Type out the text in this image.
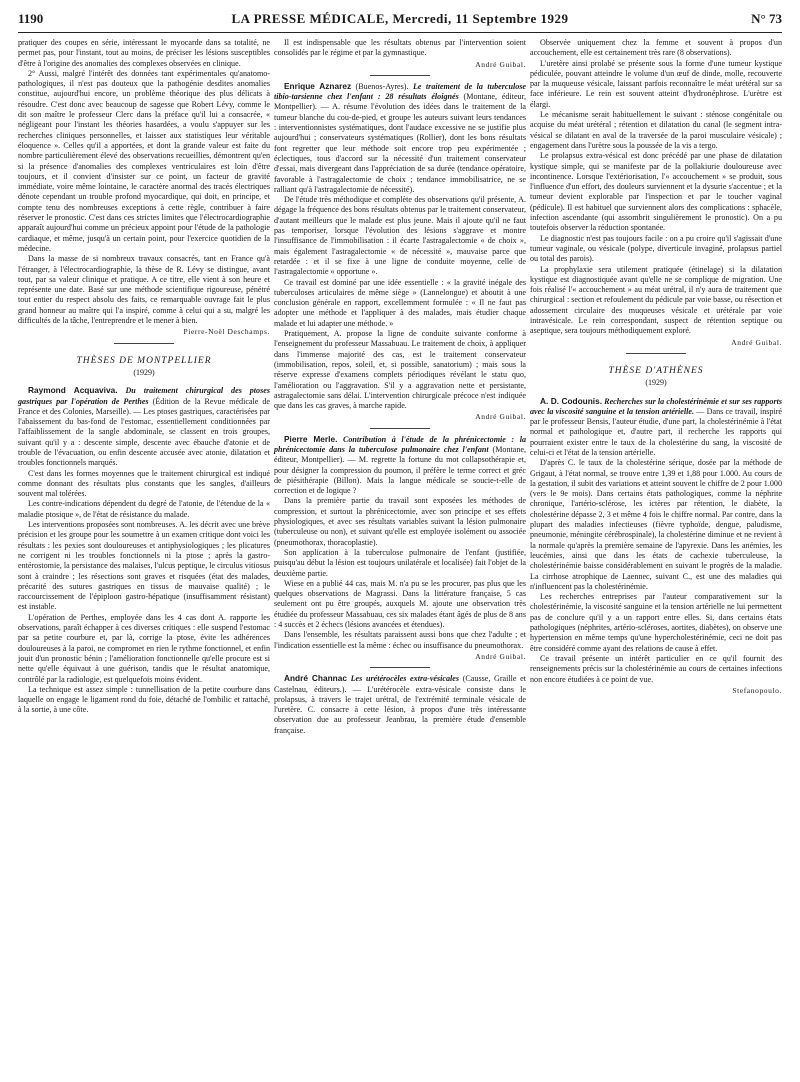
1190	LA PRESSE MÉDICALE, Mercredi, 11 Septembre 1929	N° 73

pratiquer des coupes en série, intéressant le myocarde dans sa totalité, ne permet pas, pour l'instant, tout au moins, de préciser les lésions susceptibles d'être à l'origine des anomalies des complexes observées en clinique.

2° Aussi, malgré l'intérêt des données tant expérimentales qu'anatomo-pathologiques, il n'est pas douteux que la pathogénie desdites anomalies constitue, aujourd'hui encore, un problème théorique des plus délicats à résoudre. C'est donc avec beaucoup de sagesse que Robert Lévy, comme le dit son maître le professeur Clerc dans la préface qu'il lui a consacrée, « négligeant pour l'instant les théories hasardées, a voulu s'appuyer sur les recherches cliniques personnelles, et laisser aux statistiques leur véritable éloquence ». Celles qu'il a apportées, et dont la grande valeur est faite du nombre particulièrement élevé des observations recueillies, démontrent qu'en si la présence d'anomalies des complexes ventriculaires est loin d'être toujours, et il convient d'insister sur ce point, un facteur de gravité immédiate, voire même lointaine, le caractère anormal des tracés électriques dénote cependant un trouble profond myocardique, qui doit, en principe, et compte tenu des nombreuses exceptions à cette règle, contribuer à faire réserver le pronostic. C'est dans ces strictes limites que l'électrocardiographie apparaît aujourd'hui comme un précieux appoint pour l'étude de la pathologie cardiaque, et même, jusqu'à un certain point, pour l'exercice quotidien de la médecine.

Dans la masse de si nombreux travaux consacrés, tant en France qu'à l'étranger, à l'électrocardiographie, la thèse de R. Lévy se distingue, avant tout, par sa valeur clinique et pratique. A ce titre, elle vient à son heure et représente une date. Basé sur une méthode scientifique rigoureuse, pénétré tout entier du respect absolu des faits, ce remarquable ouvrage fait le plus grand honneur au maître qui l'a inspiré, comme à celui qui a su, malgré les difficultés de la tâche, l'entreprendre et le mener à bien.

Pierre-Noël Deschamps.
THÈSES DE MONTPELLIER
(1929)

Raymond Acquaviva. Du traitement chirurgical des ptoses gastriques par l'opération de Perthes (Édition de la Revue médicale de France et des Colonies, Marseille). — Les ptoses gastriques, caractérisées par l'abaissement du bas-fond de l'estomac, essentiellement conditionnées par l'affaiblissement de la sangle abdominale, se classent en trois groupes, suivant qu'il y a : descente simple, descente avec ébauche d'atonie et de trouble de l'évacuation, ou enfin descente accusée avec atonie, dilatation et troubles fonctionnels marqués.

C'est dans les formes moyennes que le traitement chirurgical est indiqué comme donnant des résultats plus constants que les sangles, d'ailleurs souvent mal tolérées.

Les contre-indications dépendent du degré de l'atonie, de l'étendue de la « maladie ptosique », de l'état de résistance du malade.

Les interventions proposées sont nombreuses. A. les décrit avec une brève précision et les groupe pour les soumettre à un examen critique dont voici les résultats : les pexies sont douloureuses et antiphysiologiques ; les plicatures ne corrigent ni les troubles fonctionnels ni la ptose ; après la gastro-entérostomie, la persistance des malaises, l'ulcus peptique, le circulus vitiosus sont à craindre ; les résections sont graves et risquées (état des malades, précarité des sutures gastriques en tissus de mauvaise qualité) ; le raccourcissement de l'épiploon gastro-hépatique (insuffisamment résistant) est instable.

L'opération de Perthes, employée dans les 4 cas dont A. rapporte les observations, paraît échapper à ces diverses critiques : elle suspend l'estomac par sa petite courbure et, par là, corrige la ptose, évite les adhérences douloureuses à la paroi, ne compromet en rien le rythme fonctionnel, et enfin jouit d'un pronostic bénin ; l'amélioration fonctionnelle qu'elle procure est si nette qu'elle équivaut à une guérison, tandis que le résultat anatomique, contrôlé par la radiologie, est quelquefois moins évident.

La technique est assez simple : tunnellisation de la petite courbure dans laquelle on engage le ligament rond du foie, détaché de l'ombilic et rattaché, à la sortie, à une côte.

Il est indispensable que les résultats obtenus par l'intervention soient consolidés par le régime et par la gymnastique.

André Guibal.

Enrique Aznarez (Buenos-Ayres). Le traitement de la tuberculose tibio-tarsienne chez l'enfant : 28 résultats éloignés (Montane, éditeur, Montpellier). — A. résume l'évolution des idées dans le traitement de la tumeur blanche du cou-de-pied, et groupe les auteurs suivant leurs tendances : interventionnistes systématiques, dont l'audace excessive ne se justifie plus aujourd'hui ; conservateurs systématiques (Rollier), dont les bons résultats font regretter que leur méthode soit encore trop peu expérimentée ; éclectiques, tous d'accord sur la nécessité d'un traitement conservateur d'essai, mais divergeant dans l'appréciation de sa durée (tendance opératoire, favorable à l'astragalectomie de choix ; tendance immobilisatrice, ne se ralliant qu'à l'astragalectomie de nécessité).

De l'étude très méthodique et complète des observations qu'il présente, A. dégage la fréquence des bons résultats obtenus par le traitement conservateur, d'autant meilleurs que le malade est plus jeune. Mais il ajoute qu'il ne faut pas temporiser, lorsque l'évolution des lésions s'aggrave et montre l'insuffisance de l'immobilisation : il écarte l'astragalectomie « de choix », mais également l'astragalectomie « de nécessité », mauvaise parce que retardée : et il se fixe à une ligne de conduite moyenne, celle de l'astragalectomie « opportune ».

Ce travail est dominé par une idée essentielle : « la gravité inégale des tuberculoses articulaires de même siège » (Lannelongue) et aboutit à une conclusion générale en rapport, excellemment formulée : « Il ne faut pas adopter une méthode et l'appliquer à des malades, mais étudier chaque malade et lui adapter une méthode. »

Pratiquement, A. propose la ligne de conduite suivante conforme à l'enseignement du professeur Massabuau. Le traitement de choix, à appliquer dans l'immense majorité des cas, est le traitement conservateur (immobilisation, repos, soleil, et, si possible, sanatorium) ; mais sous la réserve expresse d'examens complets périodiques révélant le statu quo, l'amélioration ou l'aggravation. S'il y a aggravation nette et persistante, astragalectomie sans délai. L'intervention chirurgicale précoce n'est indiquée que dans les cas graves, à marche rapide.

André Guibal.

Pierre Merle. Contribution à l'étude de la phrénicectomie : la phrénicectomie dans la tuberculose pulmonaire chez l'enfant (Montane, éditeur, Montpellier). — M. regrette la fortune du mot collapsothérapie et, pour désigner la compression du poumon, il préfère le terme correct et gréc de piésithérapie (Billon). Mais la langue médicale se soucie-t-elle de correction et de logique ?

Dans la première partie du travail sont exposées les méthodes de compression, et surtout la phrénicectomie, avec son principe et ses effets physiologiques, et avec ses résultats variables suivant la lésion pulmonaire (tuberculeuse ou non), et suivant qu'elle est employée isolément ou associée (pneumothorax, thoracoplastie).

Son application à la tuberculose pulmonaire de l'enfant (justifiée, puisqu'au début la lésion est toujours unilatérale et localisée) fait l'objet de la deuxième partie.

Wiese en a publié 44 cas, mais M. n'a pu se les procurer, pas plus que les quelques observations de Magrassi. Dans la littérature française, 5 cas seulement ont pu être groupés, auxquels M. ajoute une observation très étudiée du professeur Massabuau, ces six malades étant âgés de plus de 8 ans : 4 succès et 2 échecs (lésions avancées et étendues).

Dans l'ensemble, les résultats paraissent aussi bons que chez l'adulte ; et l'indication essentielle est la même : échec ou insuffisance du pneumothorax.

André Guibal.

André Channac Les urétérocèles extra-vésicales (Causse, Graille et Castelnau, éditeurs.). — L'urétérocèle extra-vésicale consiste dans le prolapsus, à travers le trajet urétral, de l'extrémité terminale vésicale de l'uretère. C. consacre à cette lésion, à propos d'une très intéressante observation due au professeur Jeanbrau, la première étude d'ensemble française.

Observée uniquement chez la femme et souvent à propos d'un accouchement, elle est certainement très rare (8 observations).

L'uretère ainsi prolabé se présente sous la forme d'une tumeur kystique pédiculée, pouvant atteindre le volume d'un œuf de dinde, molle, recouverte par la muqueuse vésicale, laissant parfois reconnaître le méat urétéral sur sa face inférieure. Le rein est souvent atteint d'hydronéphrose. L'urètre est élargi.

Le mécanisme serait habituellement le suivant : sténose congénitale ou acquise du méat urétéral ; rétention et dilatation du canal (le segment intra-vésical se dilatant en aval de la traversée de la paroi musculaire vésicale) ; engagement dans l'urètre sous la poussée de la vis a tergo.

Le prolapsus extra-vésical est donc précédé par une phase de dilatation kystique simple, qui se manifeste par de la pollakiurie douloureuse avec incontinence. Lorsque l'extériorisation, l'« accouchement » se produit, sous l'influence d'un effort, des douleurs surviennent et la dysurie s'accentue ; et la tumeur devient explorable par l'inspection et par le toucher vaginal (pédicule). Il est habituel que surviennent alors des complications : sphacèle, infection ascendante (qui assombrit singulièrement le pronostic). On a pu toutefois observer la réduction spontanée.

Le diagnostic n'est pas toujours facile : on a pu croire qu'il s'agissait d'une tumeur vaginale, ou vésicale (polype, diverticule invaginé, prolapsus partiel ou total des parois).

La prophylaxie sera utilement pratiquée (étinelage) si la dilatation kystique est diagnostiquée avant qu'elle ne se complique de migration. Une fois réalisé l'« accouchement » au méat urétral, il n'y aura de traitement que chirurgical : section et refoulement du pédicule par voie basse, ou résection et adossement circulaire des muqueuses vésicale et urétérale par voie intravésicale. Le rein correspondant, suspect de rétention septique ou aseptique, sera toujours méthodiquement exploré.

André Guibal.
THÈSE D'ATHÈNES
(1929)

A. D. Codounis. Recherches sur la cholestérinémie et sur ses rapports avec la viscosité sanguine et la tension artérielle. — Dans ce travail, inspiré par le professeur Bensis, l'auteur étudie, d'une part, la cholestérinémie à l'état normal et pathologique et, d'autre part, il recherche les rapports qui pourraient exister entre le taux de la cholestérine du sang, la viscosité de celui-ci et l'état de la tension artérielle.

D'après C. le taux de la cholestérine sérique, dosée par la méthode de Grigaut, à l'état normal, se trouve entre 1,39 et 1,88 pour 1.000. Au cours de la gestation, il subit des variations et atteint souvent le chiffre de 2 pour 1.000 (vers le 9e mois). Dans certains états pathologiques, comme la néphrite chronique, l'artério-sclérose, les ictères par rétention, le diabète, la cholestérine dépasse 2, 3 et même 4 fois le chiffre normal. Par contre, dans la plupart des maladies infectieuses (fièvre typhoïde, dengue, paludisme, pneumonie, méningite cérébrospinale), la cholestérine diminue et ne revient à la normale qu'après la première semaine de l'apyrexie. Dans les anémies, les leucémies, ainsi que dans les états de cachexie tuberculeuse, la cholestérinémie baisse considérablement en suivant le progrès de la maladie. La cirrhose atrophique de Laennec, suivant C., est une des maladies qui n'influencent pas la cholestérinémie.

Les recherches entreprises par l'auteur comparativement sur la cholestérinémie, la viscosité sanguine et la tension artérielle ne lui permettent pas de conclure qu'il y a un rapport entre elles. Si, dans certains états pathologiques (néphrites, artério-scléroses, aortites, diabètes), on observe une hypertension en même temps qu'une hypercholestérinémie, ceci ne doit pas être considéré comme ayant des relations de cause à effet.

Ce travail présente un intérêt particulier en ce qu'il fournit des renseignements précis sur la cholestérinémie au cours de certaines infections non encore étudiées à ce point de vue.

Stefanopoulo.
